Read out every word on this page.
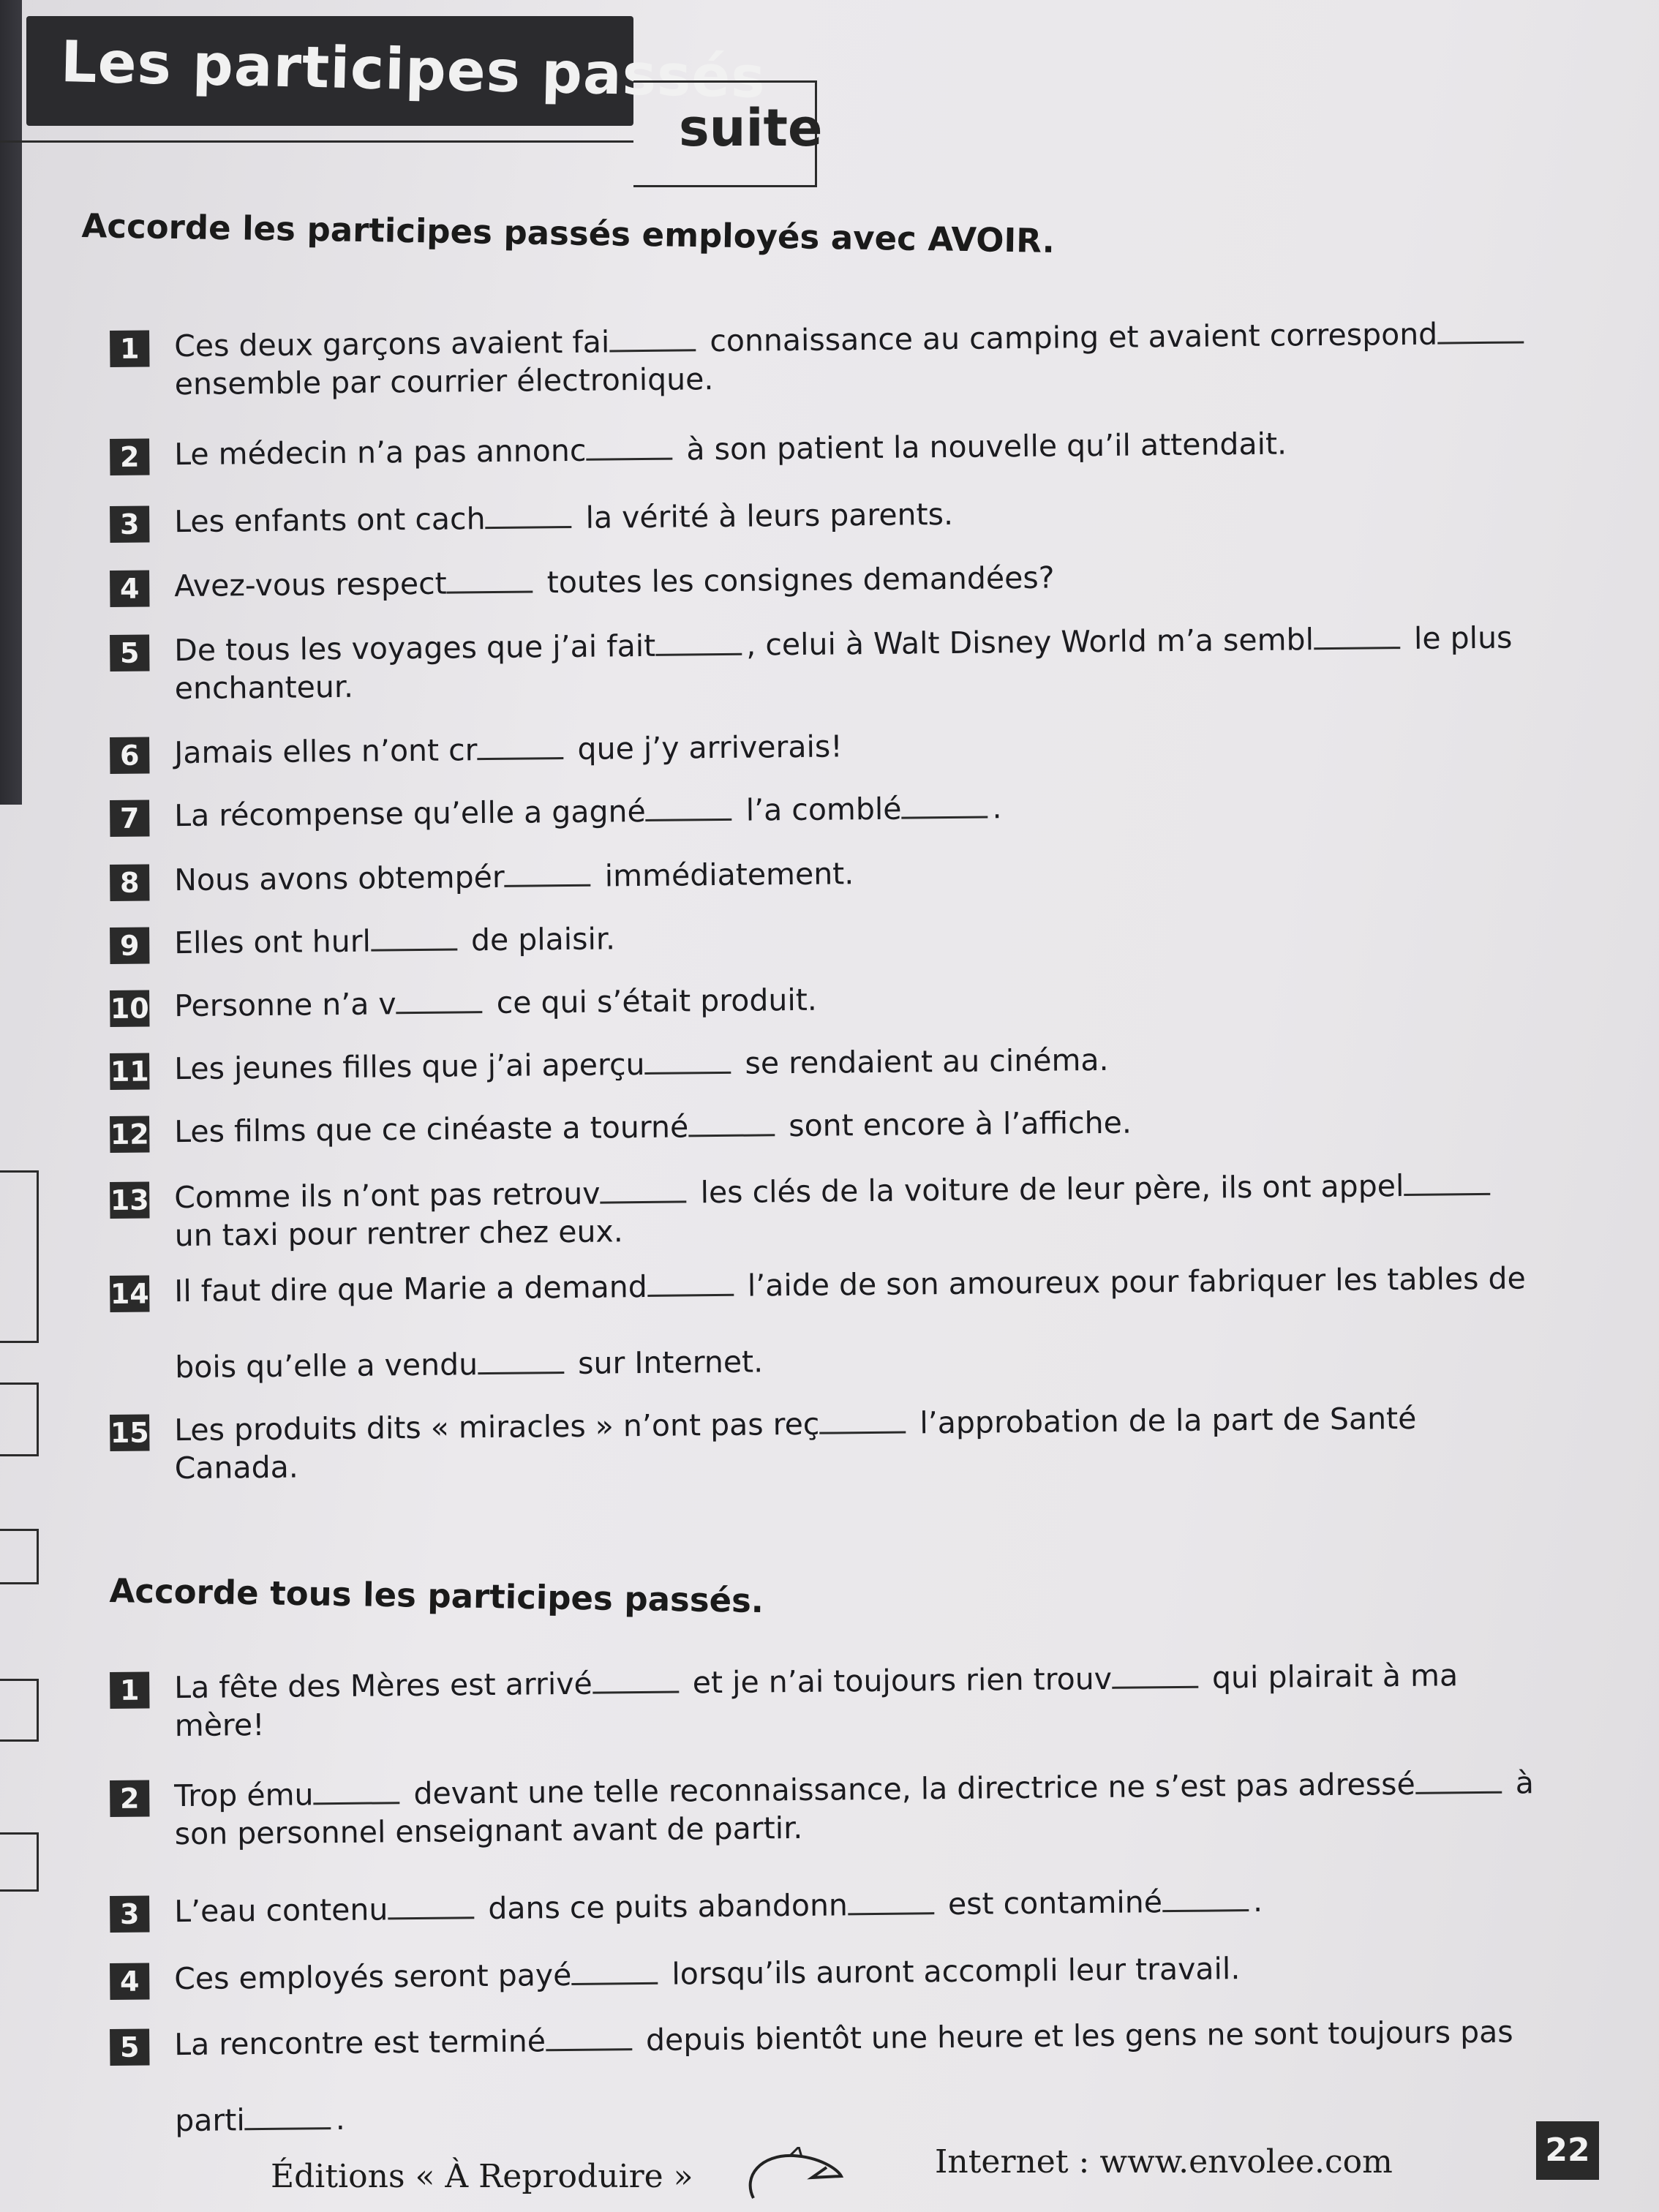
Les participes passés
suite
Accorde les participes passés employés avec AVOIR.
1	Ces deux garçons avaient fai	connaissance au camping et avaient correspond	
ensemble par courrier électronique.
2	Le médecin n’a pas annonc	à son patient la nouvelle qu’il attendait.
3	Les enfants ont cach	la vérité à leurs parents.
4	Avez-vous respect	toutes les consignes demandées?
5	De tous les voyages que j’ai fait	, celui à Walt Disney World m’a sembl	le plus
enchanteur.
6	Jamais elles n’ont cr	que j’y arriverais!
7	La récompense qu’elle a gagné	l’a comblé	.
8	Nous avons obtempér	immédiatement.
9	Elles ont hurl	de plaisir.
10 Personne n’a v	ce qui s’était produit.
11 Les jeunes filles que j’ai aperçu	se rendaient au cinéma.
12 Les films que ce cinéaste a tourné	sont encore à l’affiche.
13 Comme ils n’ont pas retrouv	les clés de la voiture de leur père, ils ont appel	
un taxi pour rentrer chez eux.
14 Il faut dire que Marie a demand	l’aide de son amoureux pour fabriquer les tables de

bois qu’elle a vendu	sur Internet.
15 Les produits dits « miracles » n’ont pas reç	l’approbation de la part de Santé
Canada.
Accorde tous les participes passés.
1	La fête des Mères est arrivé	et je n’ai toujours rien trouv	qui plairait à ma
mère!
2	Trop ému	devant une telle reconnaissance, la directrice ne s’est pas adressé	à
son personnel enseignant avant de partir.
3	L’eau contenu	dans ce puits abandonn	est contaminé	.
4	Ces employés seront payé	lorsqu’ils auront accompli leur travail.
5	La rencontre est terminé	depuis bientôt une heure et les gens ne sont toujours pas

parti	.
Éditions « À Reproduire »	Internet : www.envolee.com	22
